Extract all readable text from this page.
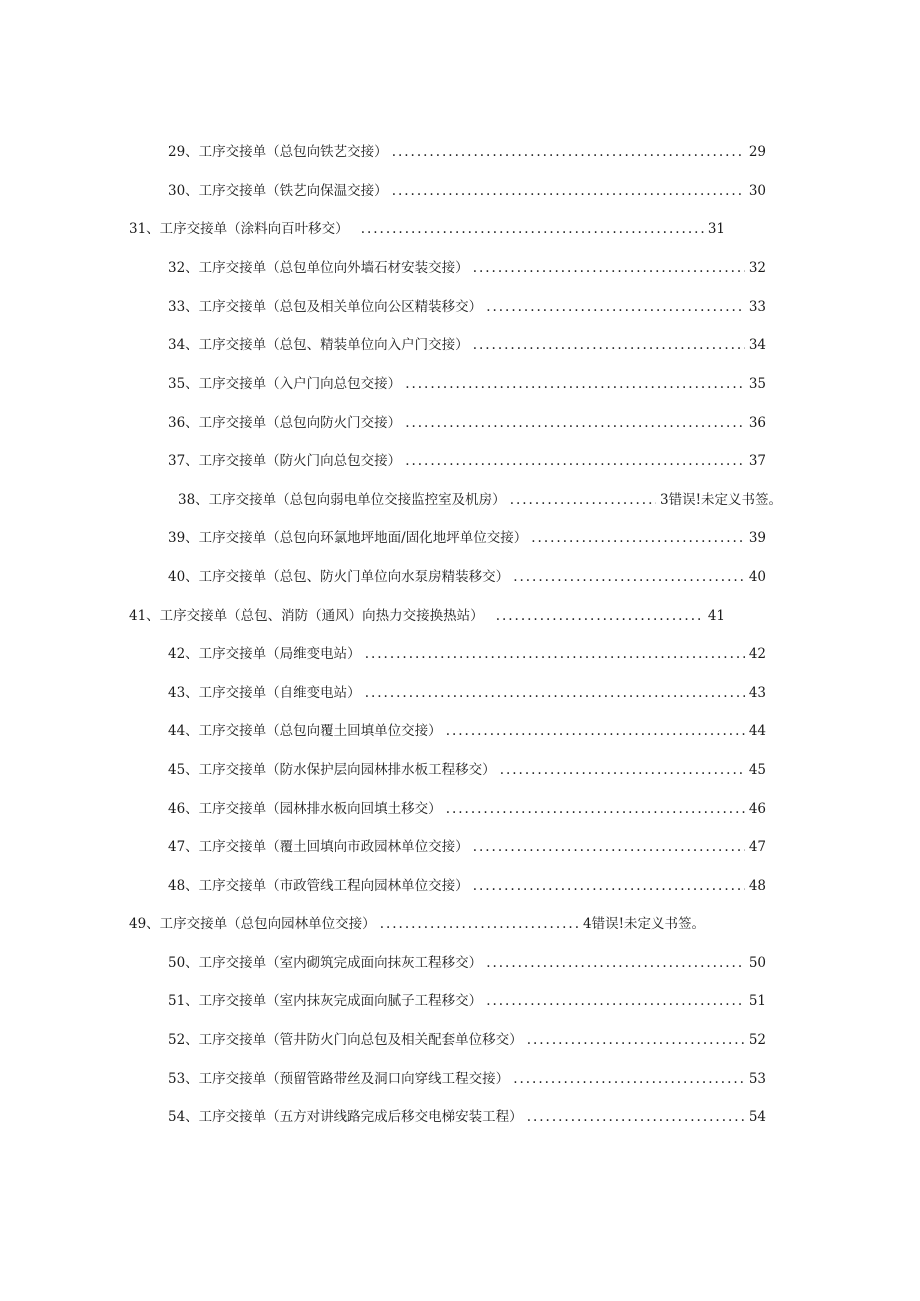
29、工序交接单（总包向铁艺交接） .....	29
30、工序交接单（铁艺向保温交接） .....	30
31、工序交接单（涂料向百叶移交） .....	31
32、工序交接单（总包单位向外墙石材安装交接） .....	32
33、工序交接单（总包及相关单位向公区精装移交） .....	33
34、工序交接单（总包、精装单位向入户门交接） .....	34
35、工序交接单（入户门向总包交接） .....	35
36、工序交接单（总包向防火门交接） .....	36
37、工序交接单（防火门向总包交接） .....	37
38、工序交接单（总包向弱电单位交接监控室及机房） .....	3错误!未定义书签。
39、工序交接单（总包向环氯地坪地面/固化地坪单位交接） .....	39
40、工序交接单（总包、防火门单位向水泵房精装移交） .....	40
41、工序交接单（总包、消防（通风）向热力交接换热站） .....	41
42、工序交接单（局维变电站） .....	42
43、工序交接单（自维变电站） .....	43
44、工序交接单（总包向覆土回填单位交接） .....	44
45、工序交接单（防水保护层向园林排水板工程移交） .....	45
46、工序交接单（园林排水板向回填土移交） .....	46
47、工序交接单（覆土回填向市政园林单位交接） .....	47
48、工序交接单（市政管线工程向园林单位交接） .....	48
49、工序交接单（总包向园林单位交接） .....	4错误!未定义书签。
50、工序交接单（室内砌筑完成面向抹灰工程移交） .....	50
51、工序交接单（室内抹灰完成面向腻子工程移交） .....	51
52、工序交接单（管井防火门向总包及相关配套单位移交） .....	52
53、工序交接单（预留管路带丝及洞口向穿线工程交接） .....	53
54、工序交接单（五方对讲线路完成后移交电梯安装工程） .....	54
